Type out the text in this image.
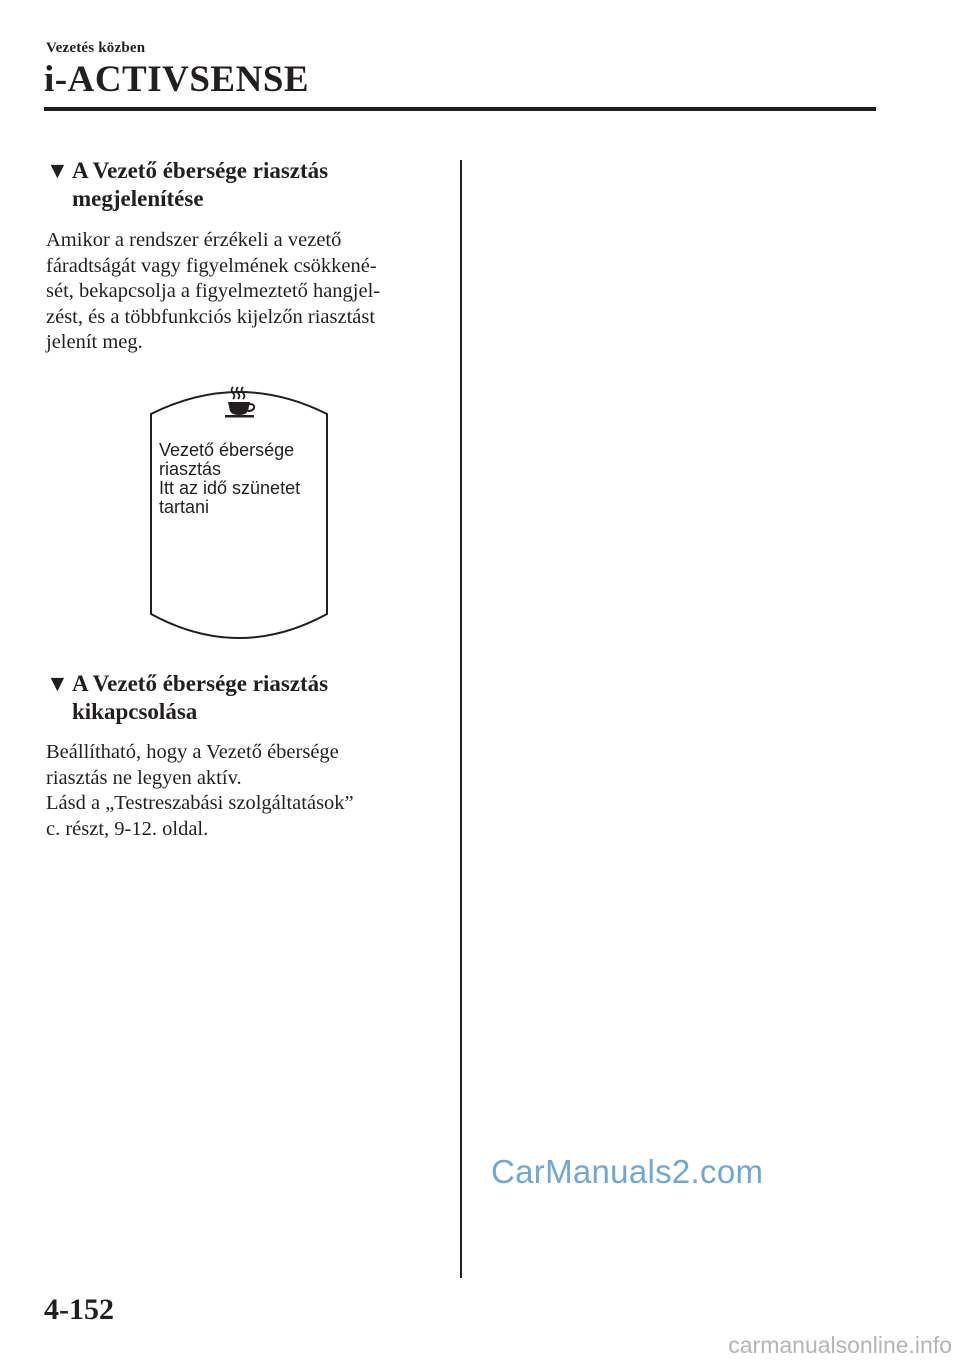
Vezetés közben
i-ACTIVSENSE
▼ A Vezető ébersége riasztás
megjelenítése

Amikor a rendszer érzékeli a vezető

fáradtságát vagy figyelmének csökkené-

sét, bekapcsolja a figyelmeztető hangjel-

zést, és a többfunkciós kijelzőn riasztást

jelenít meg.

Vezető ébersége
riasztás
Itt az idő szünetet
tartani
▼ A Vezető ébersége riasztás
kikapcsolása

Beállítható, hogy a Vezető ébersége

riasztás ne legyen aktív.

Lásd a „Testreszabási szolgáltatások”

c. részt, 9-12. oldal.

CarManuals2.com
4-152
carmanualsonline.info
